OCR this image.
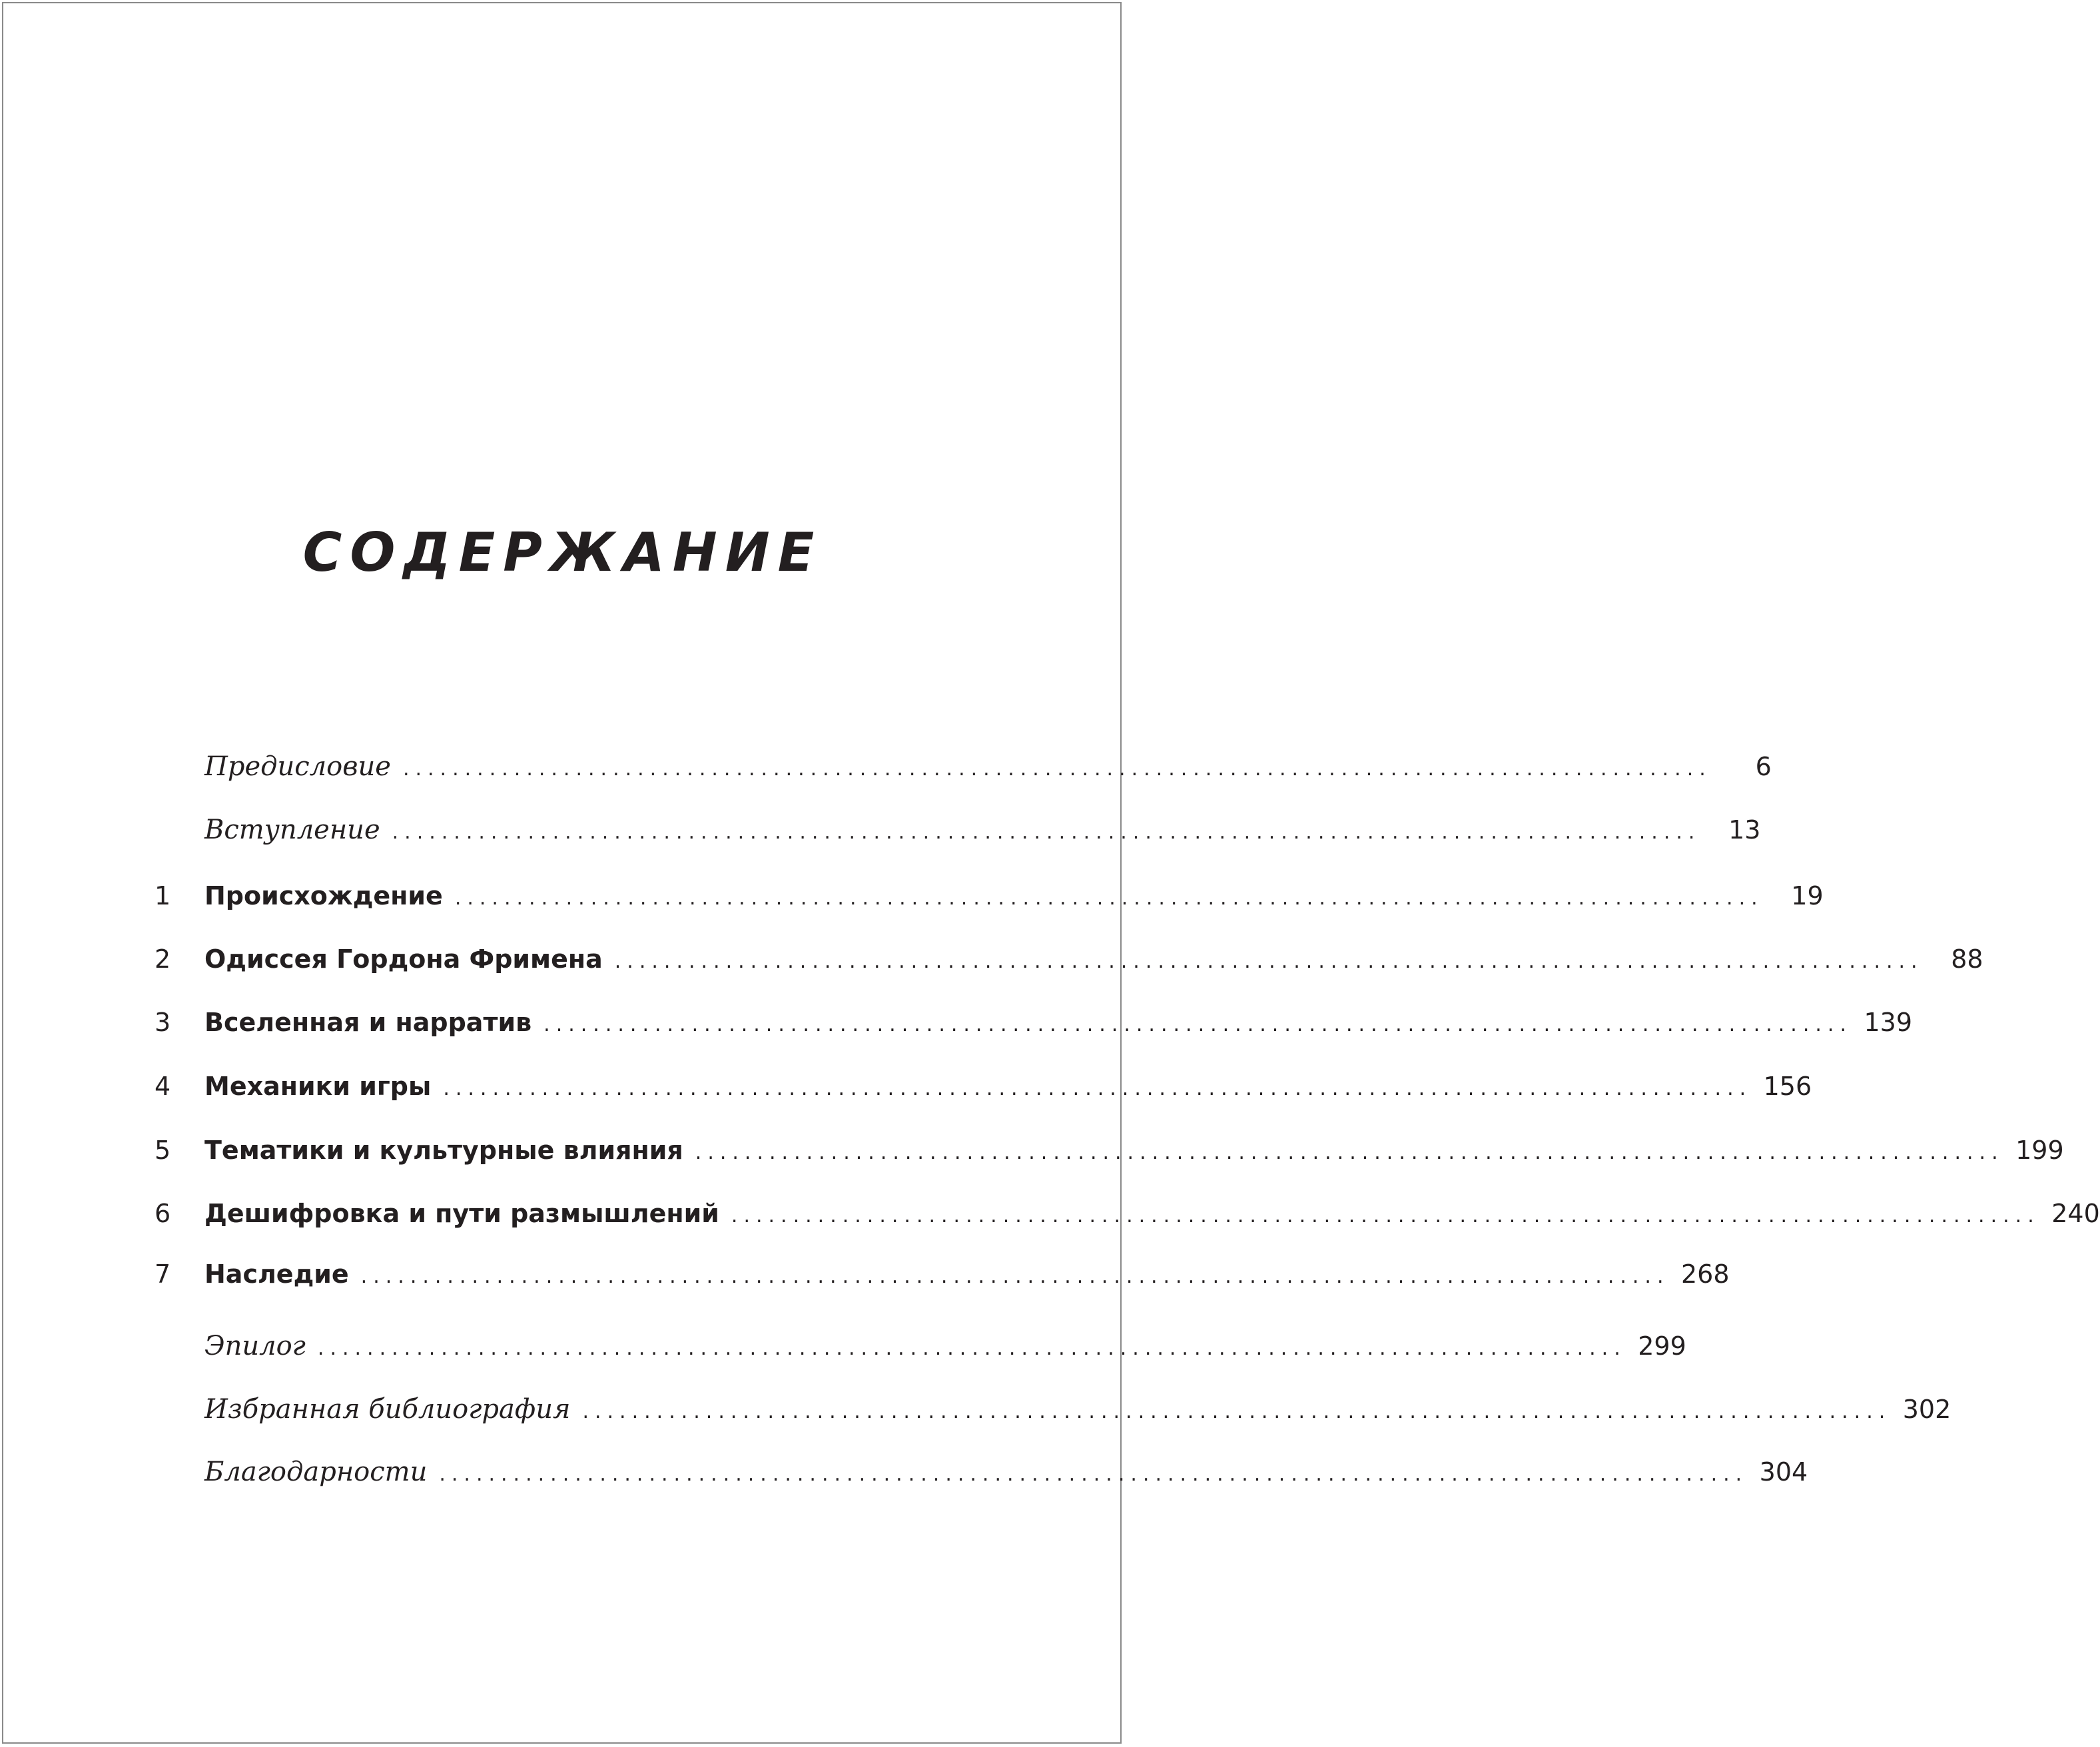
СОДЕРЖАНИЕ
Предисловие ..........................................................................................................	6
Вступление ..........................................................................................................	13
1	Происхождение ..........................................................................................................	19
2	Одиссея Гордона Фримена ..........................................................................................................	88
3	Вселенная и нарратив .......................................................................................................... 139
4	Механики игры .......................................................................................................... 156
5	Тематики и культурные влияния .......................................................................................................... 199
6	Дешифровка и пути размышлений .......................................................................................................... 240
7	Наследие .......................................................................................................... 268
Эпилог .......................................................................................................... 299
Избранная библиография .......................................................................................................... 302
Благодарности .......................................................................................................... 304
